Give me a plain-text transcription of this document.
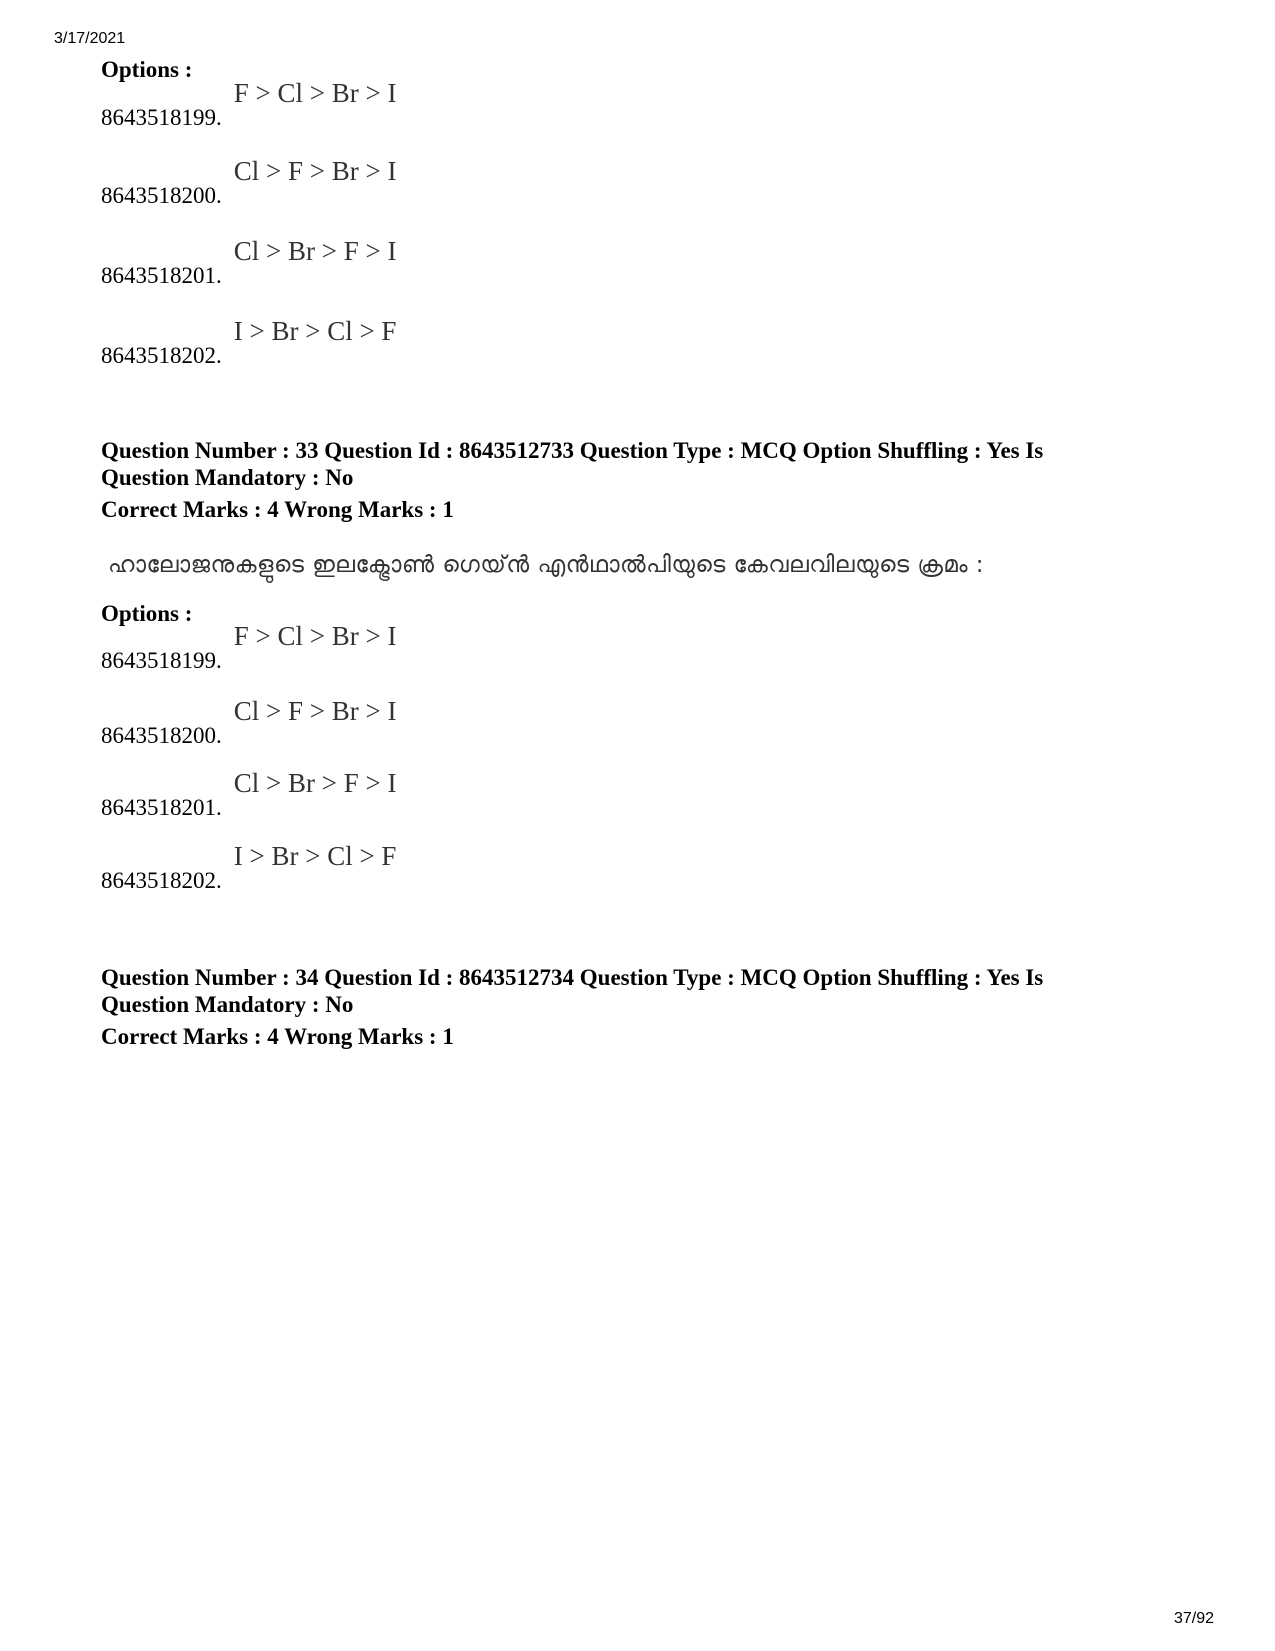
3/17/2021

Options :

8643518199.F > Cl > Br > I
8643518200.Cl > F > Br > I
8643518201.Cl > Br > F > I
8643518202.I > Br > Cl > F

Question Number : 33 Question Id : 8643512733 Question Type : MCQ Option Shuffling : Yes Is

Question Mandatory : No

Correct Marks : 4 Wrong Marks : 1

ഹാലോജനുകളുടെ ഇലക്ട്രോൺ ഗെയ്ൻ എൻഥാൽപിയുടെ കേവലവിലയുടെ ക്രമം :

Options :

8643518199.F > Cl > Br > I
8643518200.Cl > F > Br > I
8643518201.Cl > Br > F > I
8643518202.I > Br > Cl > F

Question Number : 34 Question Id : 8643512734 Question Type : MCQ Option Shuffling : Yes Is

Question Mandatory : No

Correct Marks : 4 Wrong Marks : 1

37/92
